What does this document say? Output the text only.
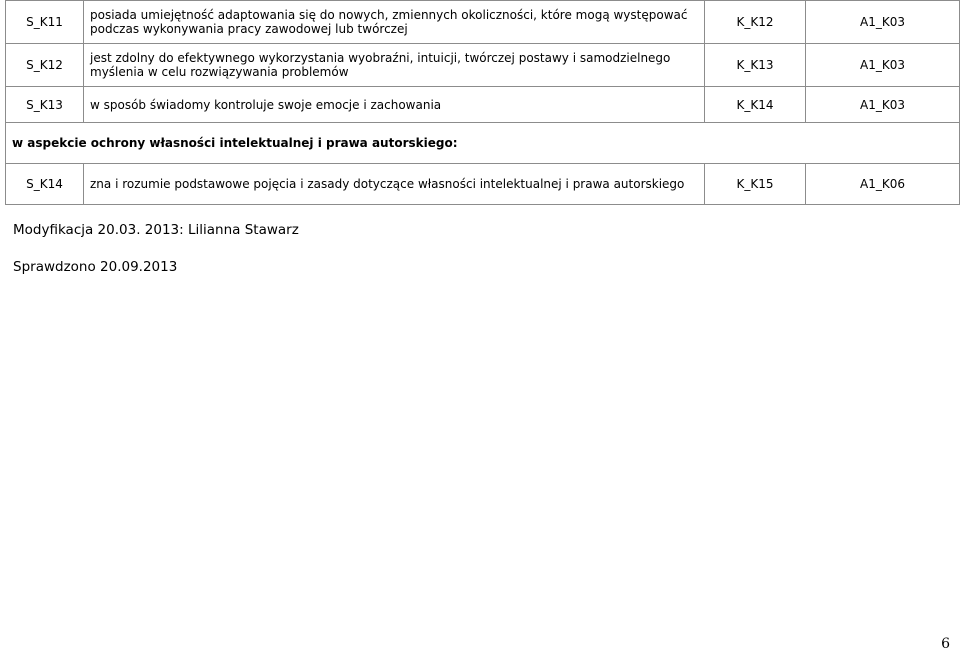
S_K11	posiada umiejętność adaptowania się do nowych, zmiennych okoliczności, które mogą występować podczas wykonywania pracy zawodowej lub twórczej	K_K12	A1_K03
S_K12	jest zdolny do efektywnego wykorzystania wyobraźni, intuicji, twórczej postawy i samodzielnego myślenia w celu rozwiązywania problemów	K_K13	A1_K03
S_K13	w sposób świadomy kontroluje swoje emocje i zachowania	K_K14	A1_K03
w aspekcie ochrony własności intelektualnej i prawa autorskiego:			
S_K14	zna i rozumie podstawowe pojęcia i zasady dotyczące własności intelektualnej i prawa autorskiego	K_K15	A1_K06
Modyfikacja 20.03. 2013: Lilianna Stawarz
Sprawdzono 20.09.2013
6
